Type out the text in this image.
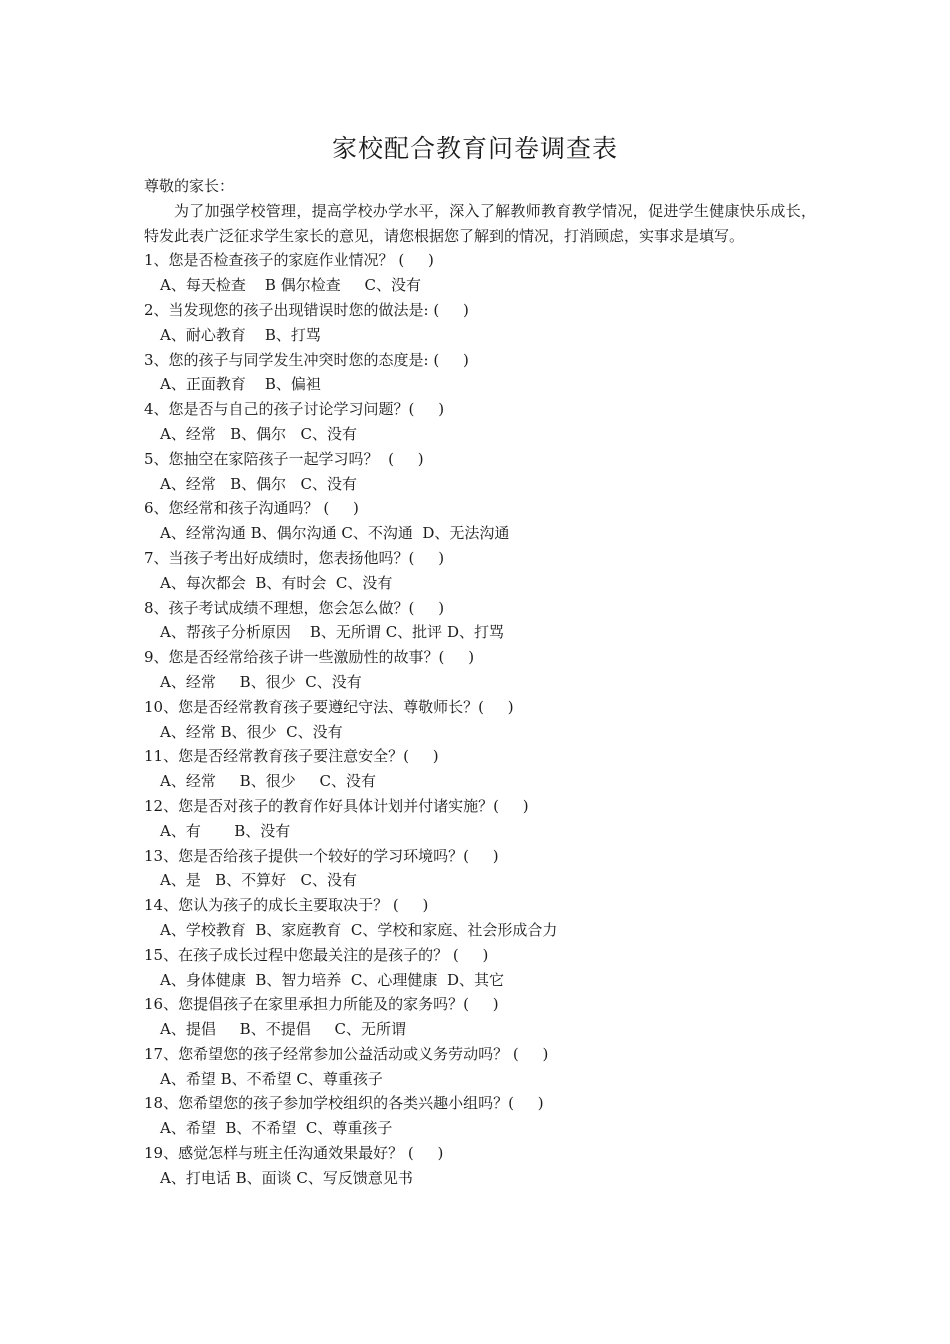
家校配合教育问卷调查表
尊敬的家长：
为了加强学校管理，提高学校办学水平，深入了解教师教育教学情况，促进学生健康快乐成长，特发此表广泛征求学生家长的意见，请您根据您了解到的情况，打消顾虑，实事求是填写。
1、您是否检查孩子的家庭作业情况？ (     )
A、每天检查    B 偶尔检查     C、没有
2、当发现您的孩子出现错误时您的做法是: (     )
A、耐心教育    B、打骂
3、您的孩子与同学发生冲突时您的态度是: (     )
A、正面教育    B、偏袒
4、您是否与自己的孩子讨论学习问题？(     )
A、经常   B、偶尔   C、没有
5、您抽空在家陪孩子一起学习吗？  (     )
A、经常   B、偶尔   C、没有
6、您经常和孩子沟通吗？ (     )
A、经常沟通 B、偶尔沟通 C、不沟通  D、无法沟通
7、当孩子考出好成绩时，您表扬他吗？(     )
A、每次都会  B、有时会  C、没有
8、孩子考试成绩不理想，您会怎么做？(     )
A、帮孩子分析原因    B、无所谓 C、批评 D、打骂
9、您是否经常给孩子讲一些激励性的故事？(     )
A、经常     B、很少  C、没有
10、您是否经常教育孩子要遵纪守法、尊敬师长？(     )
A、经常 B、很少  C、没有
11、您是否经常教育孩子要注意安全？(     )
A、经常     B、很少     C、没有
12、您是否对孩子的教育作好具体计划并付诸实施？(     )
A、有       B、没有
13、您是否给孩子提供一个较好的学习环境吗？(     )
A、是   B、不算好   C、没有
14、您认为孩子的成长主要取决于？ (     )
A、学校教育  B、家庭教育  C、学校和家庭、社会形成合力
15、在孩子成长过程中您最关注的是孩子的？ (     )
A、身体健康  B、智力培养  C、心理健康  D、其它
16、您提倡孩子在家里承担力所能及的家务吗？(     )
A、提倡     B、不提倡     C、无所谓
17、您希望您的孩子经常参加公益活动或义务劳动吗？ (     )
A、希望 B、不希望 C、尊重孩子
18、您希望您的孩子参加学校组织的各类兴趣小组吗？(     )
A、希望  B、不希望  C、尊重孩子
19、感觉怎样与班主任沟通效果最好？ (     )
A、打电话 B、面谈 C、写反馈意见书
